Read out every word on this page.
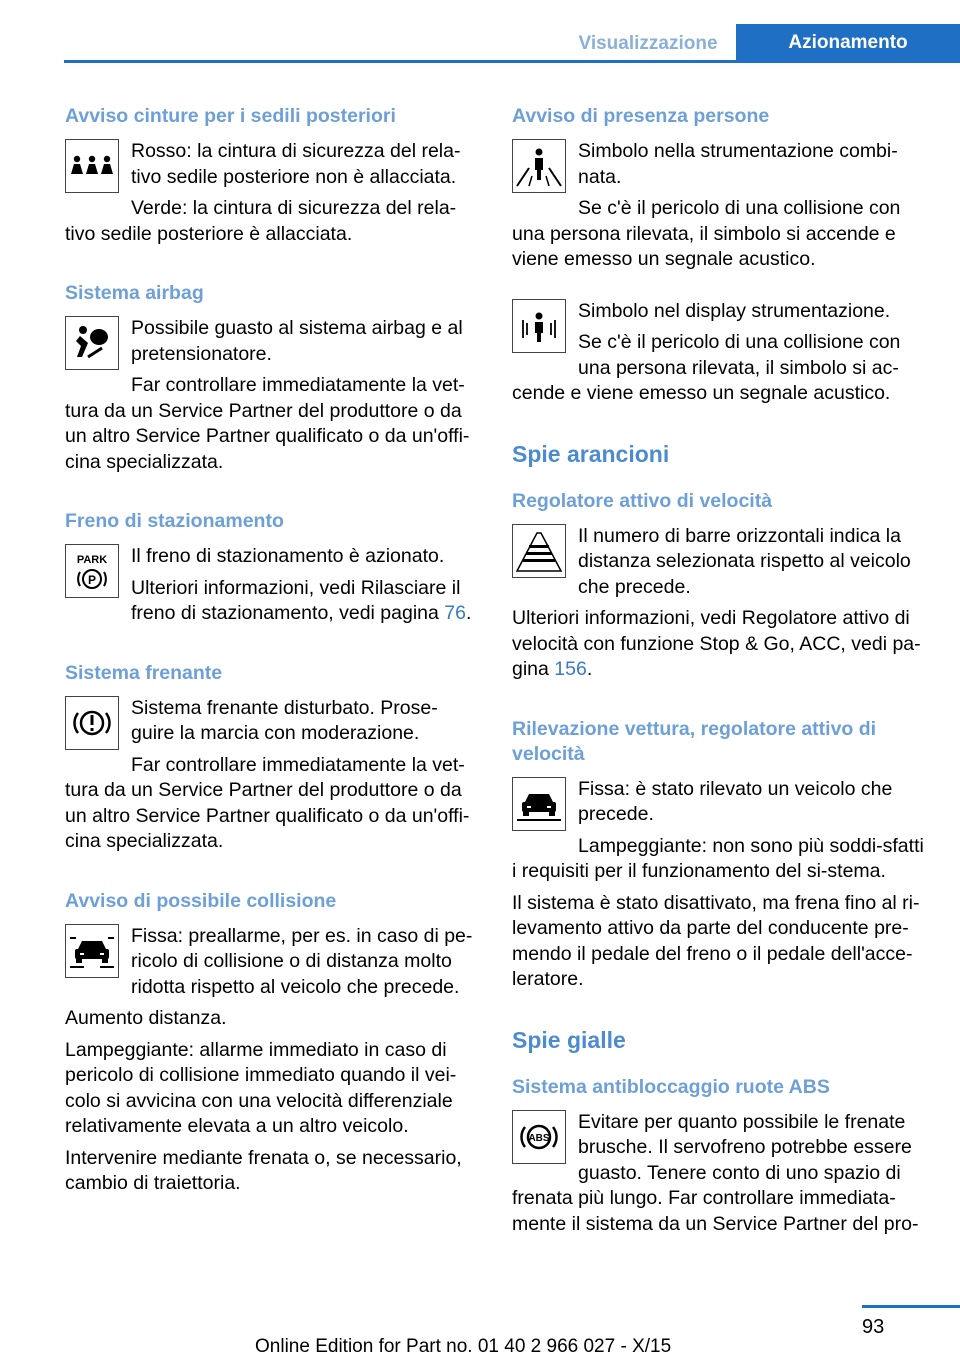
Visualizzazione	Azionamento
Avviso cinture per i sedili posteriori

Rosso: la cintura di sicurezza del rela-tivo sedile posteriore non è allacciata.

Verde: la cintura di sicurezza del rela-tivo sedile posteriore è allacciata.

Sistema airbag

Possibile guasto al sistema airbag e al pretensionatore.

Far controllare immediatamente la vet-tura da un Service Partner del produttore o da un altro Service Partner qualificato o da un'offi-cina specializzata.

Freno di stazionamento
PARK
P

Il freno di stazionamento è azionato.

Ulteriori informazioni, vedi Rilasciare il freno di stazionamento, vedi pagina 76.

Sistema frenante

Sistema frenante disturbato. Prose-guire la marcia con moderazione.

Far controllare immediatamente la vet-tura da un Service Partner del produttore o da un altro Service Partner qualificato o da un'offi-cina specializzata.

Avviso di possibile collisione

Fissa: preallarme, per es. in caso di pe-ricolo di collisione o di distanza molto ridotta rispetto al veicolo che precede.

Aumento distanza.

Lampeggiante: allarme immediato in caso di pericolo di collisione immediato quando il vei-colo si avvicina con una velocità differenziale relativamente elevata a un altro veicolo.

Intervenire mediante frenata o, se necessario, cambio di traiettoria.

Avviso di presenza persone

Simbolo nella strumentazione combi-nata.

Se c'è il pericolo di una collisione con una persona rilevata, il simbolo si accende e viene emesso un segnale acustico.

Simbolo nel display strumentazione.

Se c'è il pericolo di una collisione con una persona rilevata, il simbolo si ac-cende e viene emesso un segnale acustico.

Spie arancioni
Regolatore attivo di velocità

Il numero di barre orizzontali indica la distanza selezionata rispetto al veicolo che precede.

Ulteriori informazioni, vedi Regolatore attivo di velocità con funzione Stop & Go, ACC, vedi pa-gina 156.

Rilevazione vettura, regolatore attivo di velocità

Fissa: è stato rilevato un veicolo che precede.

Lampeggiante: non sono più soddi-sfatti i requisiti per il funzionamento del si-stema.

Il sistema è stato disattivato, ma frena fino al ri-levamento attivo da parte del conducente pre-mendo il pedale del freno o il pedale dell'acce-leratore.

Spie gialle
Sistema antibloccaggio ruote ABS
ABS

Evitare per quanto possibile le frenate brusche. Il servofreno potrebbe essere guasto. Tenere conto di uno spazio di frenata più lungo. Far controllare immediata-mente il sistema da un Service Partner del pro-

93
Online Edition for Part no. 01 40 2 966 027 - X/15
